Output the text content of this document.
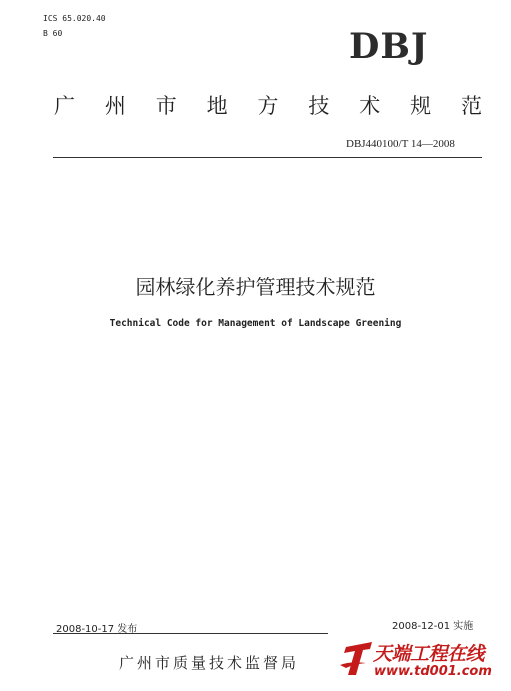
ICS 65.020.40
B 60	DBJ
广 州 市 地 方 技 术 规 范
DBJ440100/T 14—2008
园林绿化养护管理技术规范
Technical Code for Management of Landscape Greening
2008-10-17 发布	2008-12-01 实施
广州市质量技术监督局	天端工程在线
www.td001.com
